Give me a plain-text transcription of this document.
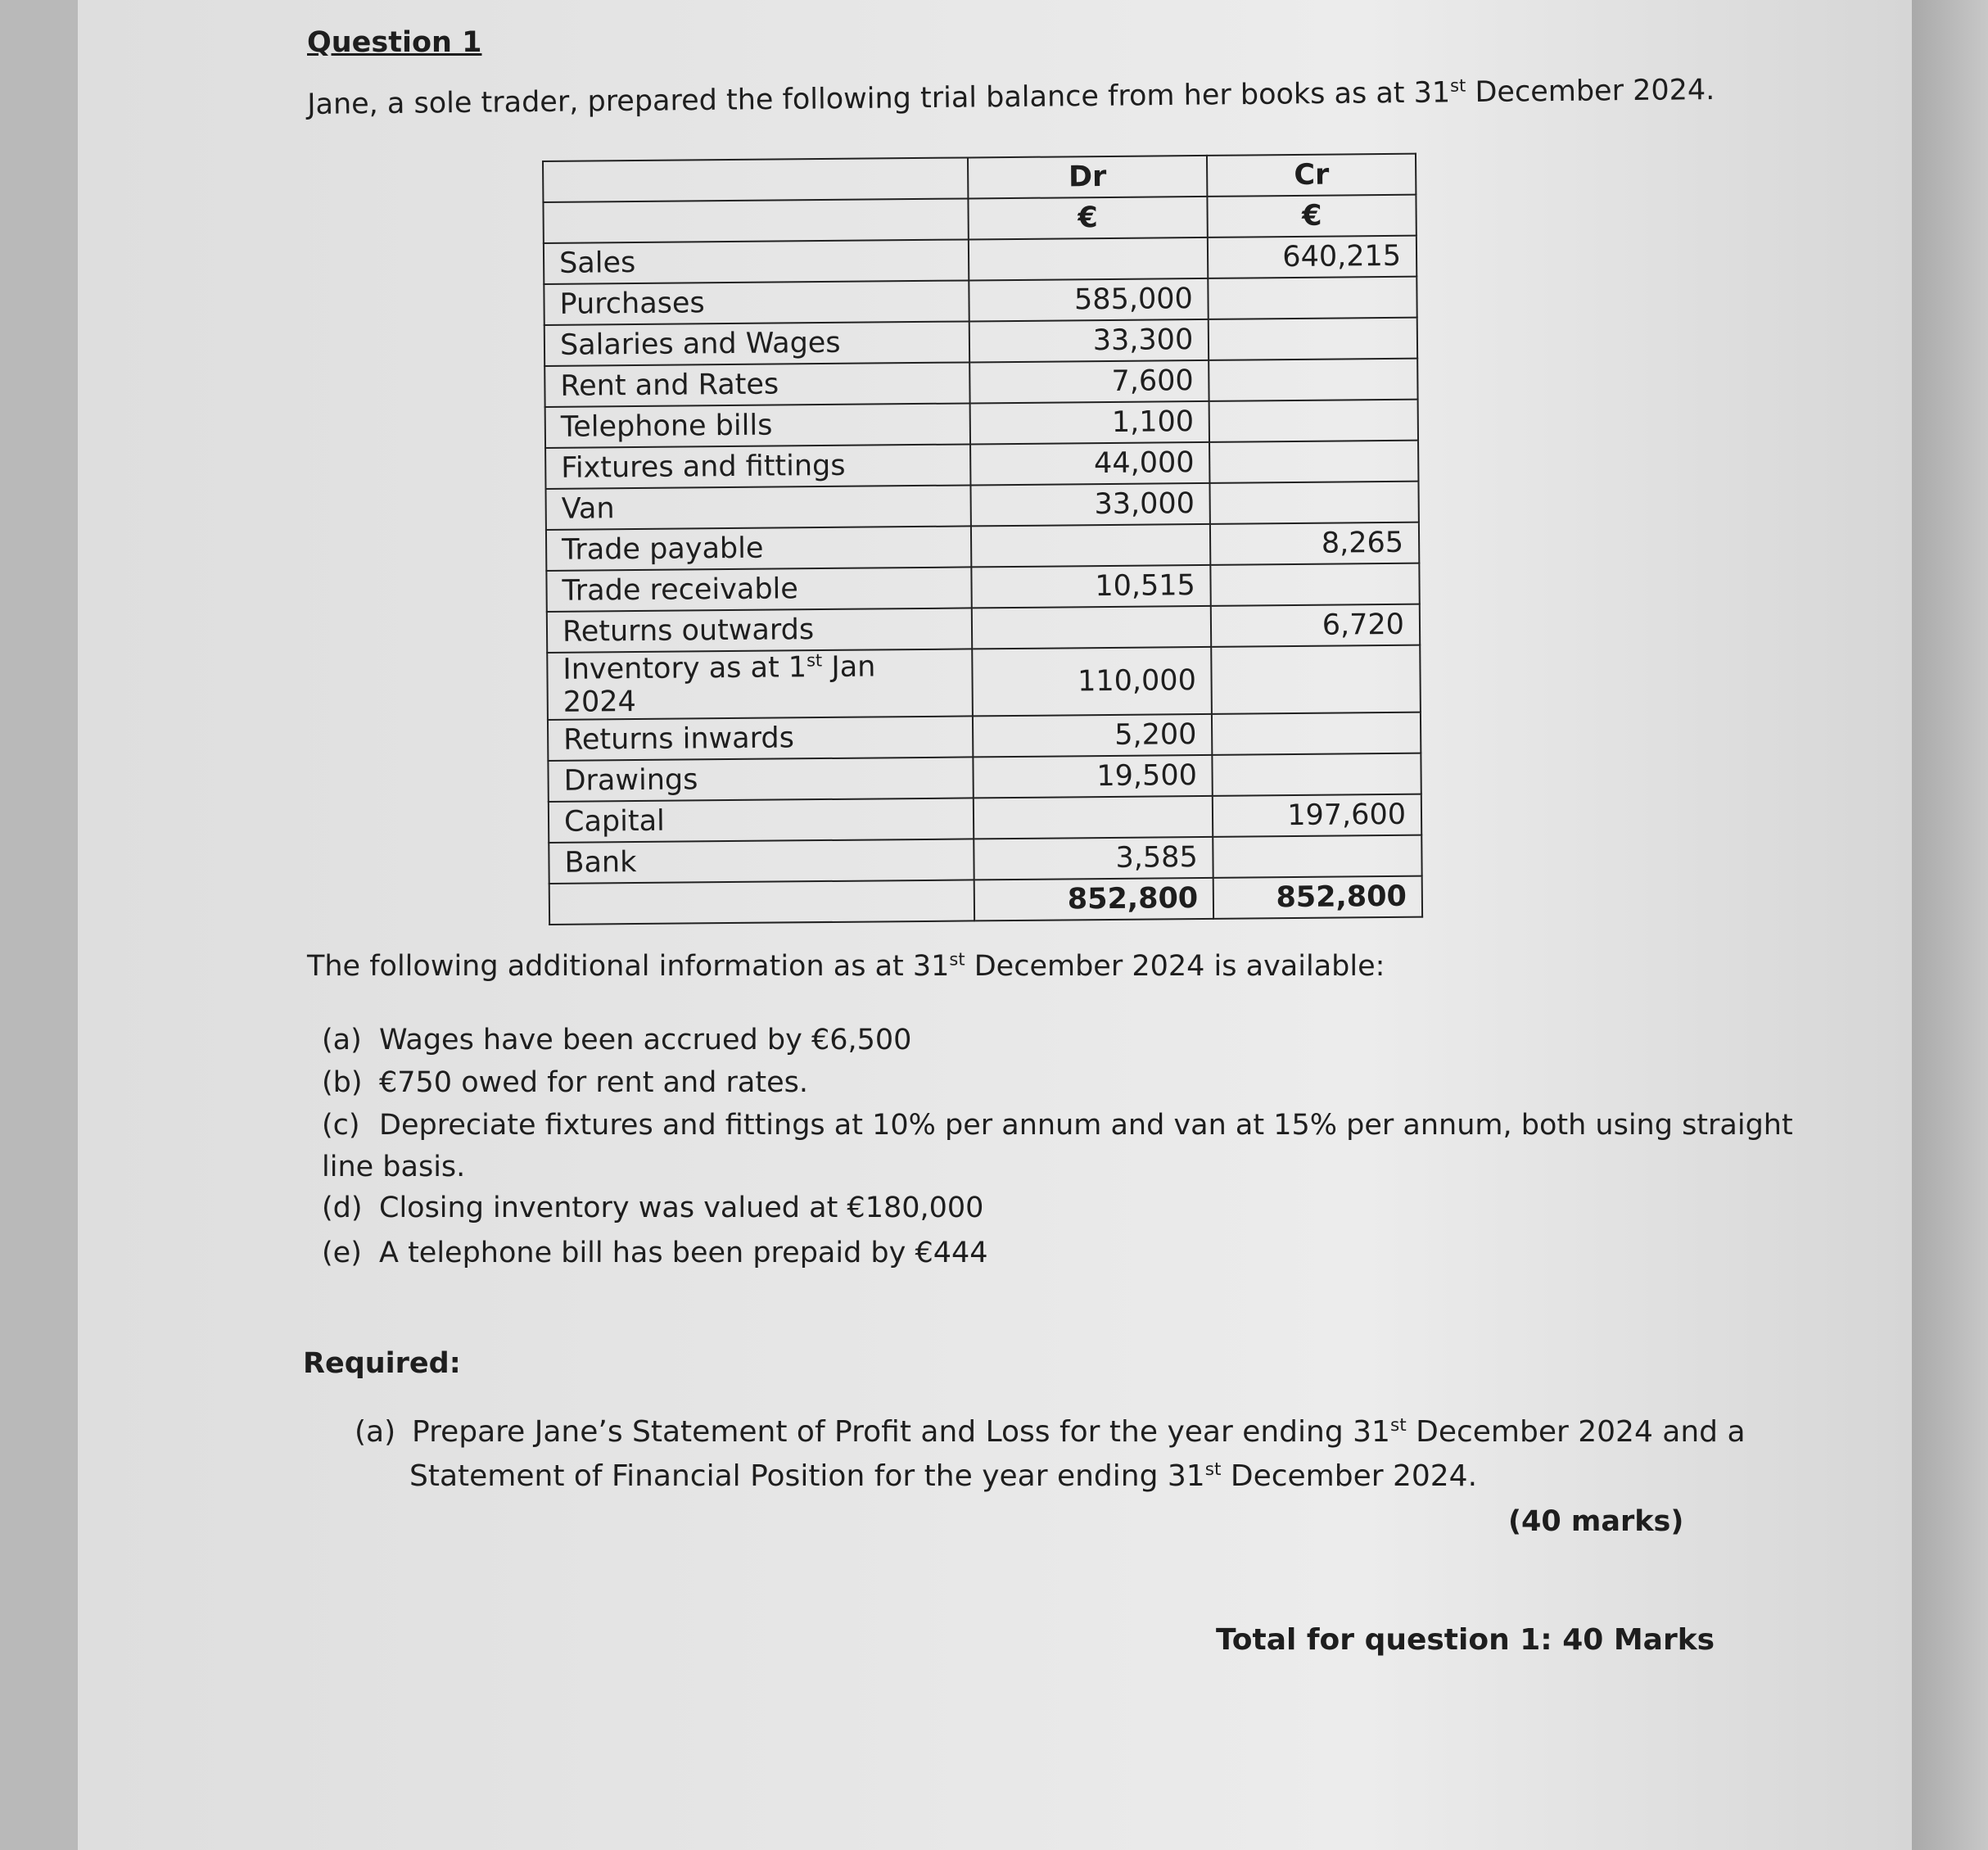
Question 1
Jane, a sole trader, prepared the following trial balance from her books as at 31st December 2024.
	Dr	Cr
	€	€
Sales		640,215
Purchases	585,000	
Salaries and Wages	33,300	
Rent and Rates	7,600	
Telephone bills	1,100	
Fixtures and fittings	44,000	
Van	33,000	
Trade payable		8,265
Trade receivable	10,515	
Returns outwards		6,720
Inventory as at 1st Jan 2024	110,000	
Returns inwards	5,200	
Drawings	19,500	
Capital		197,600
Bank	3,585	
	852,800	852,800
The following additional information as at 31st December 2024 is available:
(a) Wages have been accrued by €6,500
(b) €750 owed for rent and rates.
(c) Depreciate fixtures and fittings at 10% per annum and van at 15% per annum, both using straight
line basis.
(d) Closing inventory was valued at €180,000
(e) A telephone bill has been prepaid by €444
Required:
(a) Prepare Jane’s Statement of Profit and Loss for the year ending 31st December 2024 and a
Statement of Financial Position for the year ending 31st December 2024.
(40 marks)
Total for question 1: 40 Marks
